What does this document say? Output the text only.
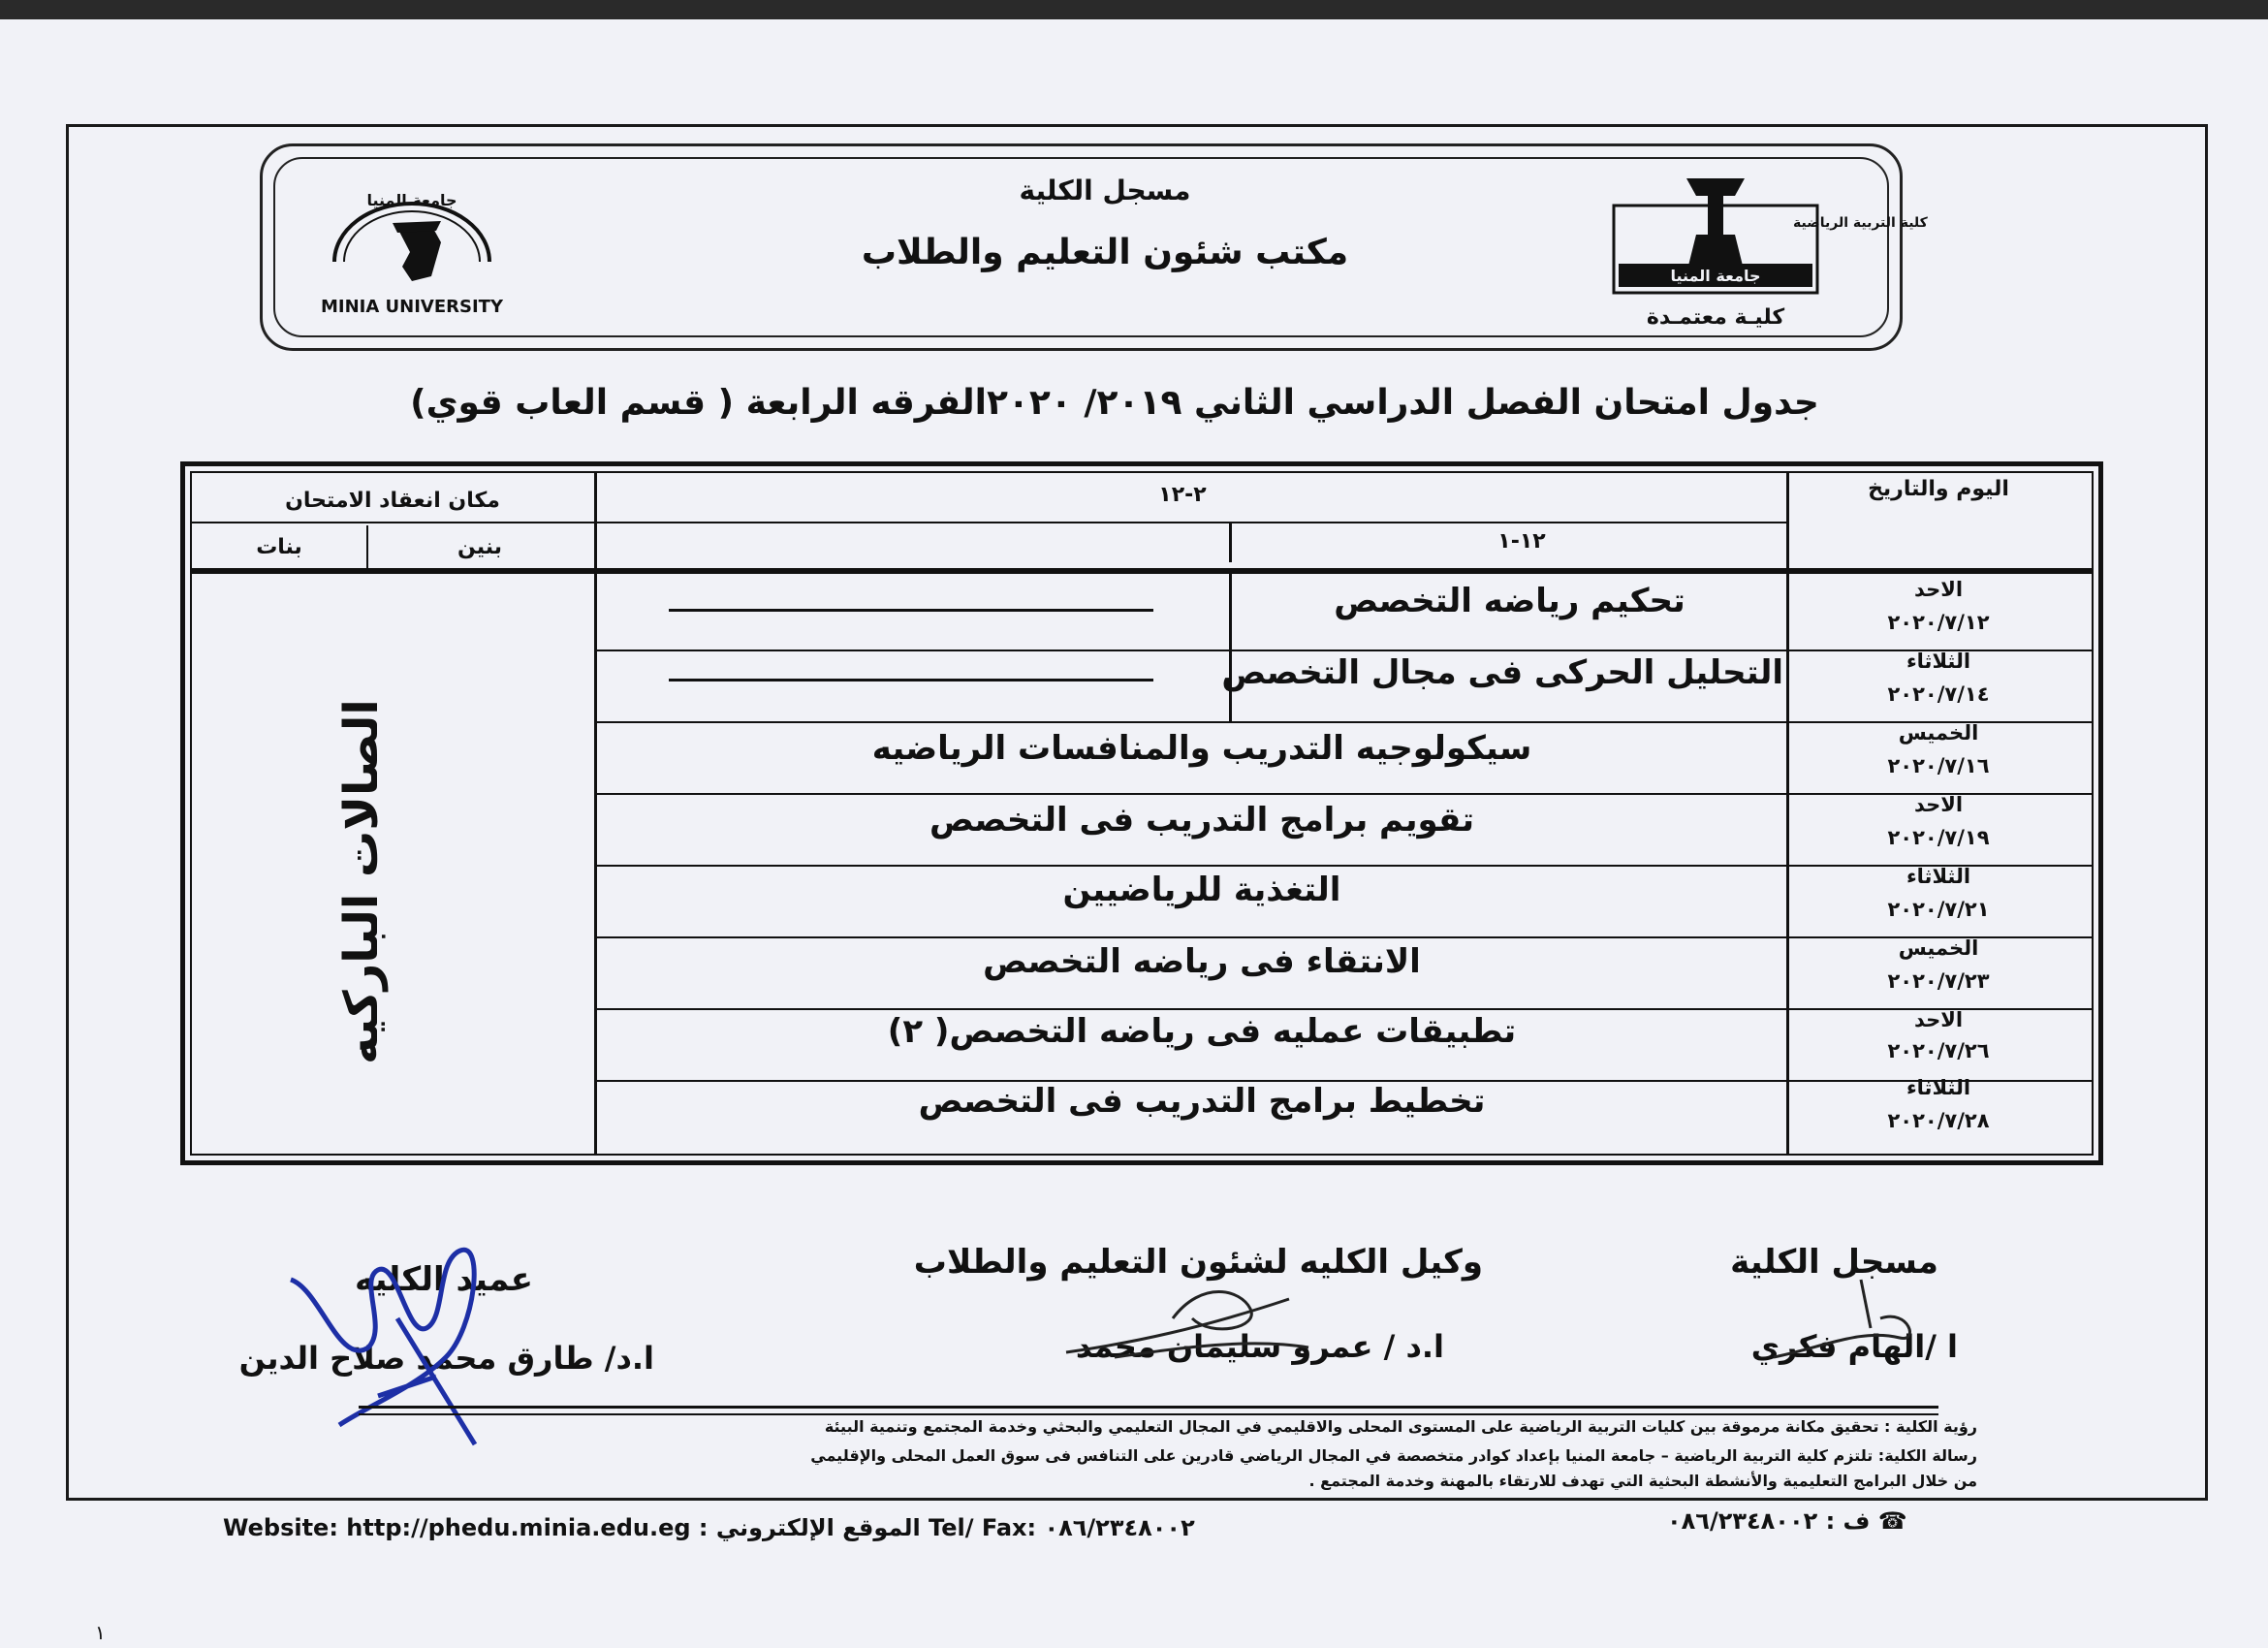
مسجل الكلية
مكتب شئون التعليم والطلاب
جامعة المنيا
MINIA UNIVERSITY
كلية التربية الرياضية
جامعة المنيا
كليـة معتمـدة
جدول امتحان الفصل الدراسي الثاني ٢٠١٩/ ٢٠٢٠الفرقه الرابعة ( قسم العاب قوي)
اليوم والتاريخ
٢-١٢
١٢-١
مكان انعقاد الامتحان
بنين
بنات
الاحد
٢٠٢٠/٧/١٢
تحكيم رياضه التخصص
الثلاثاء
٢٠٢٠/٧/١٤
التحليل الحركى فى مجال التخصص
الخميس
٢٠٢٠/٧/١٦
سيكولوجيه التدريب والمنافسات الرياضيه
الاحد
٢٠٢٠/٧/١٩
تقويم برامج التدريب فى التخصص
الثلاثاء
٢٠٢٠/٧/٢١
التغذية للرياضيين
الخميس
٢٠٢٠/٧/٢٣
الانتقاء فى رياضه التخصص
الاحد
٢٠٢٠/٧/٢٦
تطبيقات عمليه فى رياضه التخصص( ٢)
الثلاثاء
٢٠٢٠/٧/٢٨
تخطيط برامج التدريب فى التخصص
الصالات الباركيه
مسجل الكلية
ا /الهام فكري
وكيل الكليه لشئون التعليم والطلاب
ا.د / عمرو سليمان محمد
عميد الكليه
ا.د/ طارق محمد صلاح الدين
رؤية الكلية : تحقيق مكانة مرموقة بين كليات التربية الرياضية على المستوى المحلى والاقليمي في المجال التعليمي والبحثي وخدمة المجتمع وتنمية البيئة
رسالة الكلية: تلتزم كلية التربية الرياضية – جامعة المنيا بإعداد كوادر متخصصة في المجال الرياضي قادرين على التنافس فى سوق العمل المحلى والإقليمي
من خلال البرامج التعليمية والأنشطة البحثية التي تهدف للارتقاء بالمهنة وخدمة المجتمع .
Website: http://phedu.minia.edu.eg : الموقع الإلكتروني Tel/ Fax: ٠٨٦/٢٣٤٨٠٠٢	☎ ف : ٠٨٦/٢٣٤٨٠٠٢
١
